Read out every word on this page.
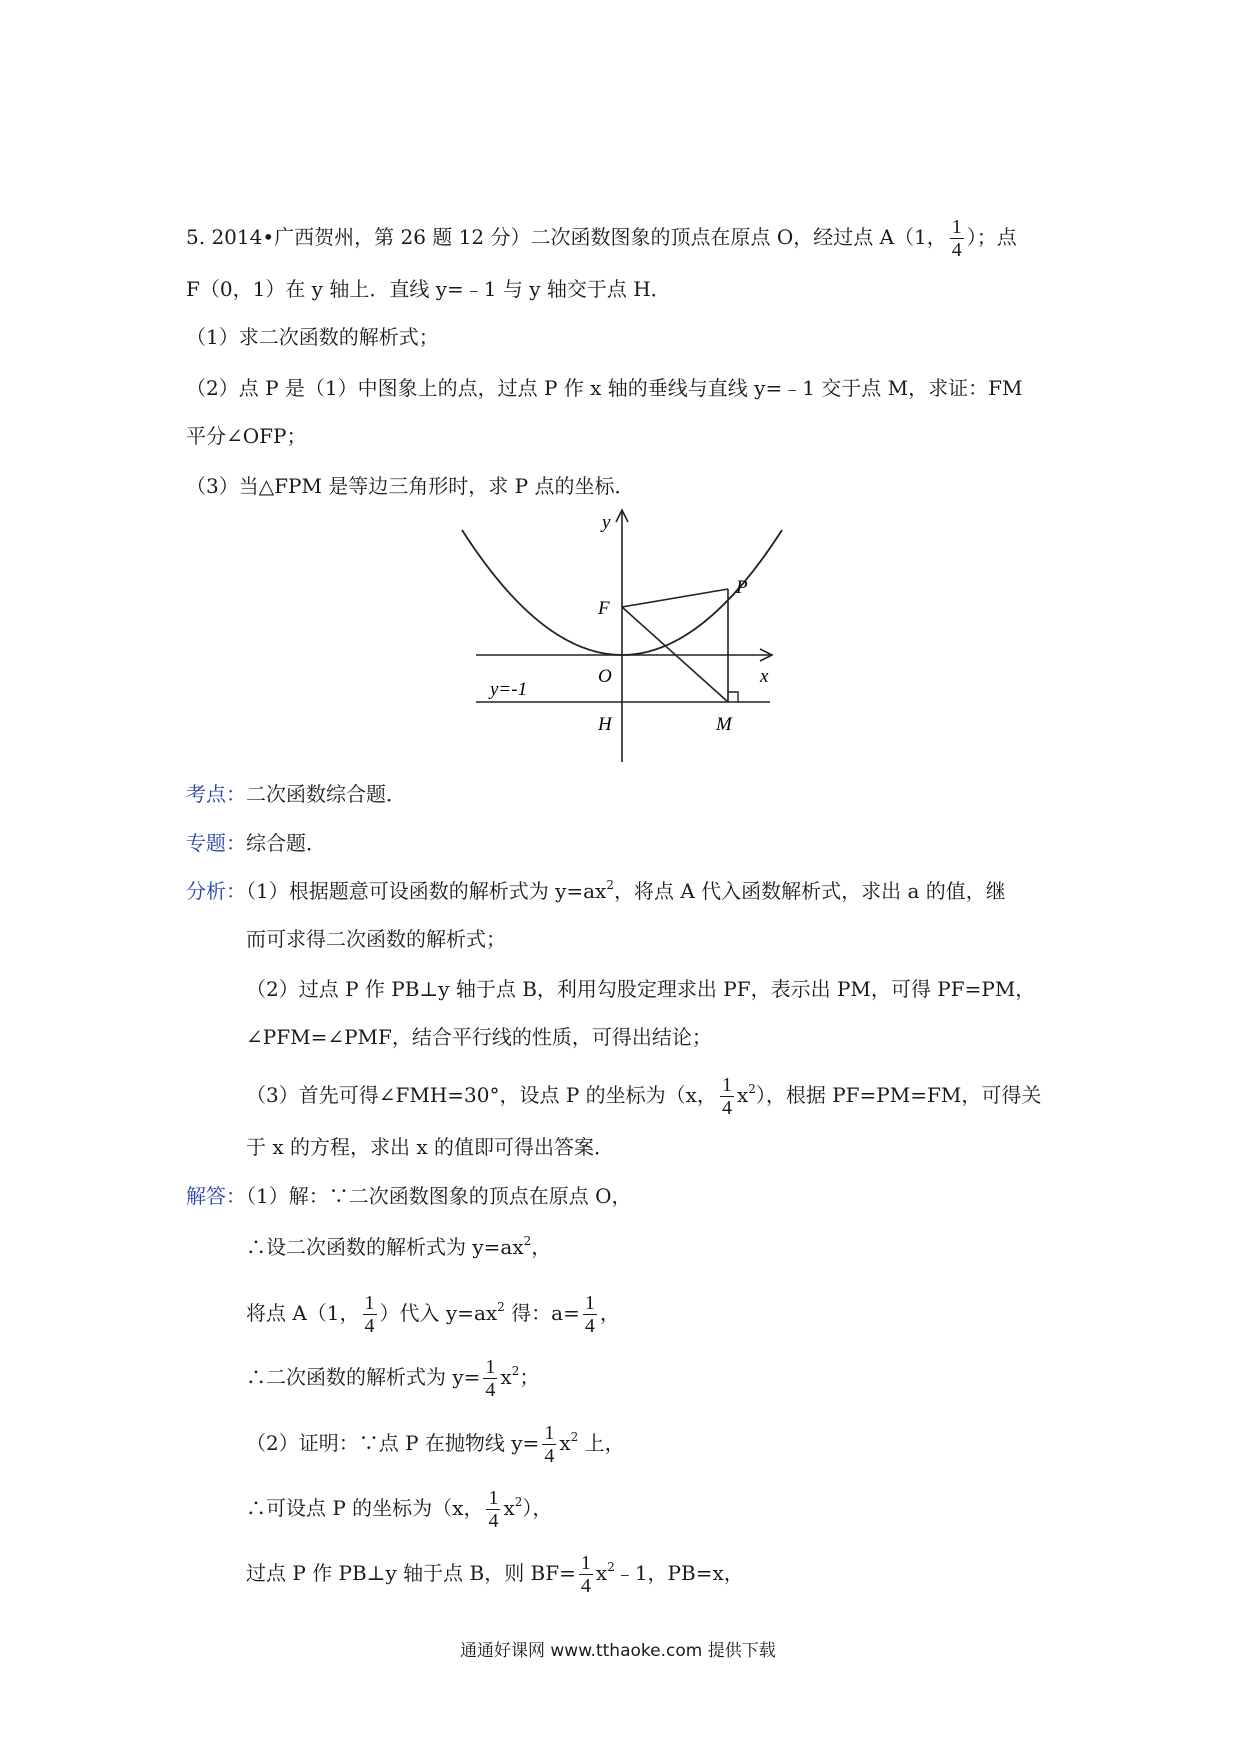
5. 2014•广西贺州，第 26 题 12 分）二次函数图象的顶点在原点 O，经过点 A（1， $\frac{1}{4}$ ）；点
F（0，1）在 y 轴上．直线 y=﹣1 与 y 轴交于点 H．
（1）求二次函数的解析式；
（2）点 P 是（1）中图象上的点，过点 P 作 x 轴的垂线与直线 y=﹣1 交于点 M，求证：FM
平分∠OFP；
（3）当△FPM 是等边三角形时，求 P 点的坐标．
y
x
F
P
O
H	M
y=-1
考点：二次函数综合题．
专题：综合题．
分析：（1）根据题意可设函数的解析式为 $y=ax^2$，将点 A 代入函数解析式，求出 a 的值，继
而可求得二次函数的解析式；
（2）过点 P 作 PB⊥y 轴于点 B，利用勾股定理求出 PF，表示出 PM，可得 PF=PM，
∠PFM=∠PMF，结合平行线的性质，可得出结论；
（3）首先可得∠FMH=30°，设点 P 的坐标为（x， $\frac{1}{4} x^2$），根据 PF=PM=FM，可得关
于 x 的方程，求出 x 的值即可得出答案．
解答：（1）解：∵二次函数图象的顶点在原点 O，
∴设二次函数的解析式为 $y=ax^2$，
将点 A（1， $\frac{1}{4}$ ）代入 $y=ax^2$ 得：$a= \frac{1}{4}$ ，
∴二次函数的解析式为 $y= \frac{1}{4} x^2$；
（2）证明：∵点 P 在抛物线 $y= \frac{1}{4} x^2$ 上，
∴可设点 P 的坐标为（x， $\frac{1}{4} x^2$），
过点 P 作 PB⊥y 轴于点 B，则 $BF= \frac{1}{4}$ $x^2﹣1$，PB=x，
通通好课网 www.tthaoke.com 提供下载
